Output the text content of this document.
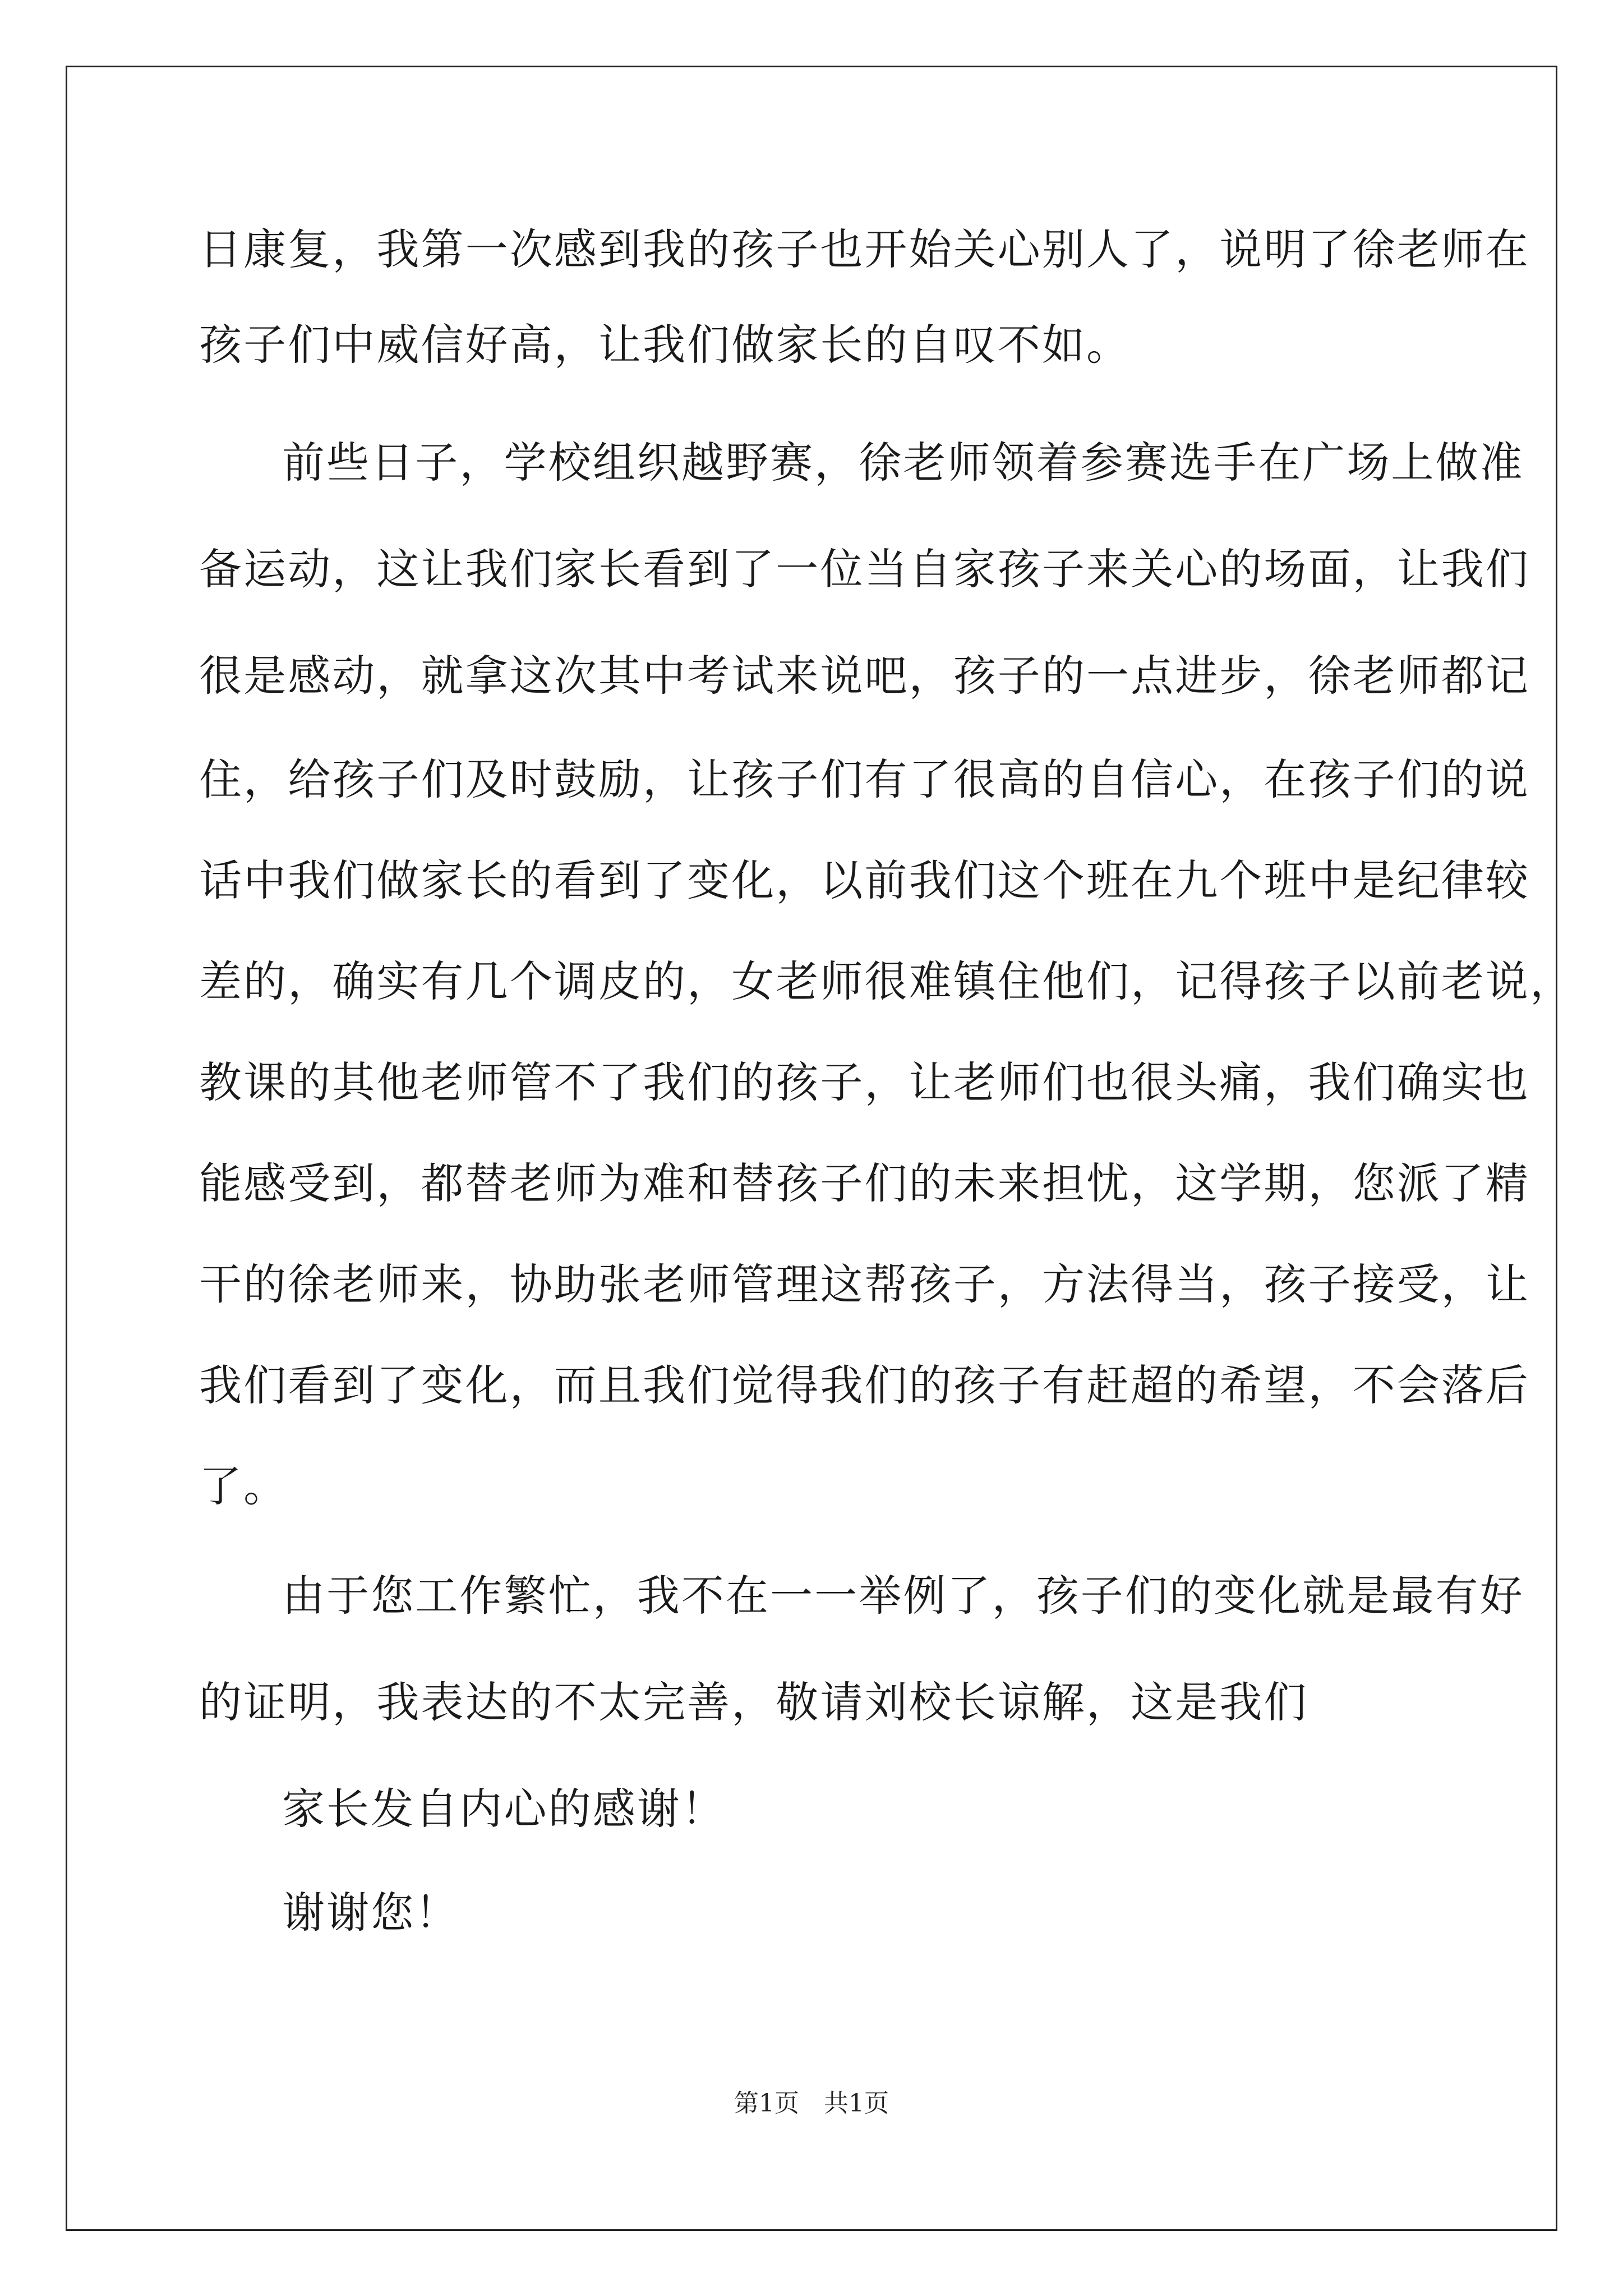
日康复，我第一次感到我的孩子也开始关心别人了，说明了徐老师在
孩子们中威信好高，让我们做家长的自叹不如。
前些日子，学校组织越野赛，徐老师领着参赛选手在广场上做准
备运动，这让我们家长看到了一位当自家孩子来关心的场面，让我们
很是感动，就拿这次其中考试来说吧，孩子的一点进步，徐老师都记
住，给孩子们及时鼓励，让孩子们有了很高的自信心，在孩子们的说
话中我们做家长的看到了变化，以前我们这个班在九个班中是纪律较
差的，确实有几个调皮的，女老师很难镇住他们，记得孩子以前老说，
教课的其他老师管不了我们的孩子，让老师们也很头痛，我们确实也
能感受到，都替老师为难和替孩子们的未来担忧，这学期，您派了精
干的徐老师来，协助张老师管理这帮孩子，方法得当，孩子接受，让
我们看到了变化，而且我们觉得我们的孩子有赶超的希望，不会落后
了。
由于您工作繁忙，我不在一一举例了，孩子们的变化就是最有好
的证明，我表达的不太完善，敬请刘校长谅解，这是我们
家长发自内心的感谢！
谢谢您！
第1页　共1页
